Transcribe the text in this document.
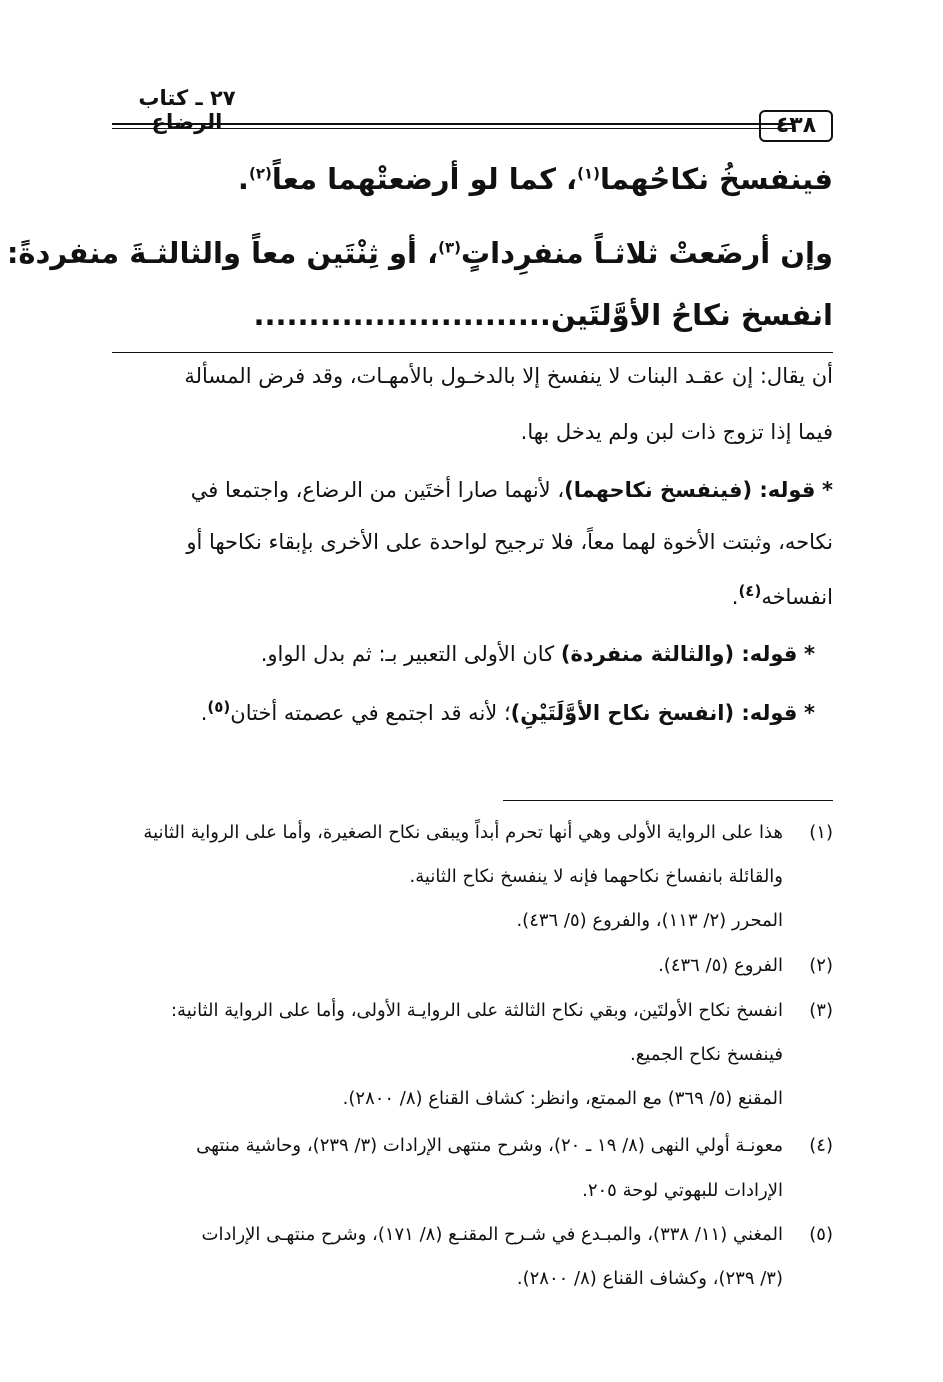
٤٣٨
٢٧ ـ كتاب الرضاع
فينفسخُ نكاحُهما$^{(١)}$، كما لو أرضعتْهما معاً$^{(٢)}$.
وإن أرضَعتْ ثلاثـاً منفرِداتٍ$^{(٣)}$، أو ثِنْتَين معاً والثالثـةَ منفردةً:
انفسخ نكاحُ الأوَّلتَين...........................
أن يقال: إن عقـد البنات لا ينفسخ إلا بالدخـول بالأمهـات، وقد فرض المسألة
فيما إذا تزوج ذات لبن ولم يدخل بها.
* قوله: (فينفسخ نكاحهما)، لأنهما صارا أختَين من الرضاع، واجتمعا في
نكاحه، وثبتت الأخوة لهما معاً، فلا ترجيح لواحدة على الأخرى بإبقاء نكاحها أو
انفساخه$^{(٤)}$.
* قوله: (والثالثة منفردة) كان الأولى التعبير بـ: ثم بدل الواو.
* قوله: (انفسخ نكاح الأوَّلَتَيْنِ)؛ لأنه قد اجتمع في عصمته أختان$^{(٥)}$.
(١)
هذا على الرواية الأولى وهي أنها تحرم أبداً ويبقى نكاح الصغيرة، وأما على الرواية الثانية
والقائلة بانفساخ نكاحهما فإنه لا ينفسخ نكاح الثانية.
المحرر (٢/ ١١٣)، والفروع (٥/ ٤٣٦).
(٢)
الفروع (٥/ ٤٣٦).
(٣)
انفسخ نكاح الأولتَين، وبقي نكاح الثالثة على الروايـة الأولى، وأما على الرواية الثانية:
فينفسخ نكاح الجميع.
المقنع (٥/ ٣٦٩) مع الممتع، وانظر: كشاف القناع (٨/ ٢٨٠٠).
(٤)
معونـة أولي النهى (٨/ ١٩ ـ ٢٠)، وشرح منتهى الإرادات (٣/ ٢٣٩)، وحاشية منتهى
الإرادات للبهوتي لوحة ٢٠٥.
(٥)
المغني (١١/ ٣٣٨)، والمبـدع في شـرح المقنـع (٨/ ١٧١)، وشرح منتهـى الإرادات
(٣/ ٢٣٩)، وكشاف القناع (٨/ ٢٨٠٠).
